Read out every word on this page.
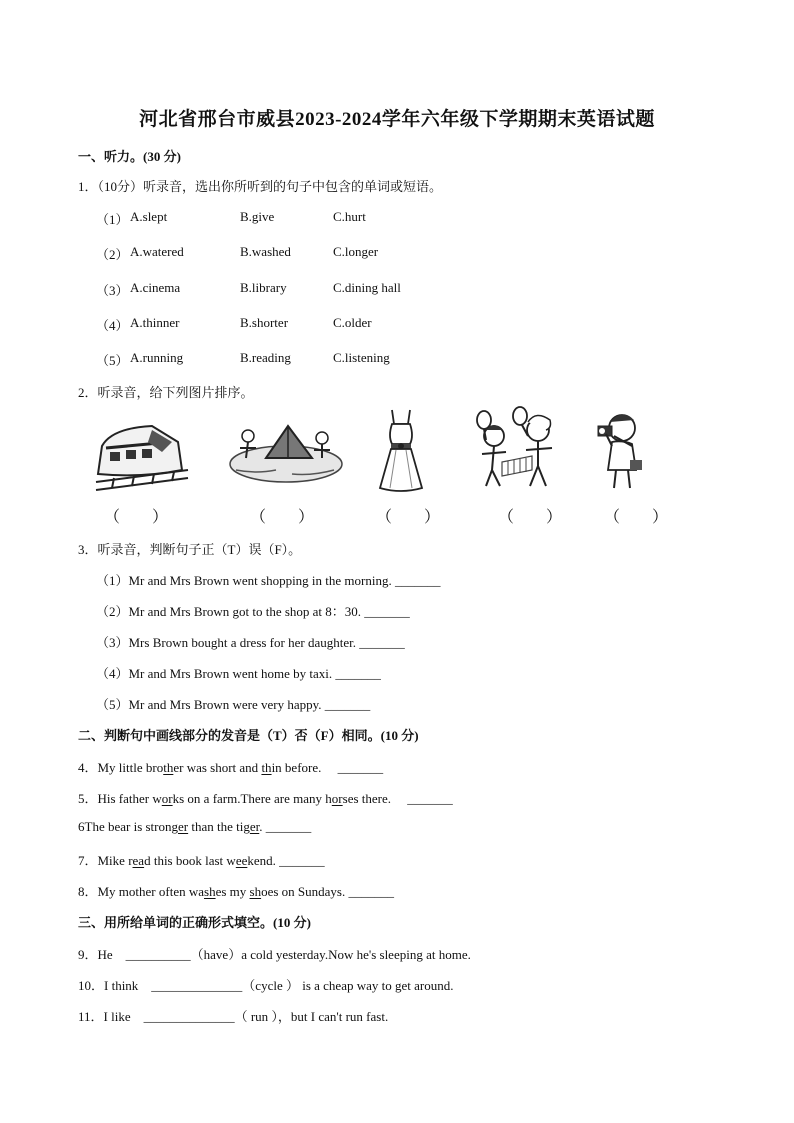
河北省邢台市威县2023-2024学年六年级下学期期末英语试题
一、听力。(30 分)
1．（10分）听录音，选出你所听到的句子中包含的单词或短语。
（1） A.slept	B.give	C.hurt
（2） A.watered	B.washed	C.longer
（3） A.cinema	B.library	C.dining hall
（4） A.thinner	B.shorter	C.older
（5） A.running	B.reading	C.listening
2．听录音，给下列图片排序。
（　　）	（　　）	（　　）	（　　）	（　　）
3．听录音，判断句子正（T）误（F）。
（1）Mr and Mrs Brown went shopping in the morning. _______
（2）Mr and Mrs Brown got to the shop at 8：30. _______
（3）Mrs Brown bought a dress for her daughter. _______
（4）Mr and Mrs Brown went home by taxi. _______
（5）Mr and Mrs Brown were very happy. _______
二、判断句中画线部分的发音是（T）否（F）相同。(10 分)
4．My little brother was short and thin before.　 _______
5．His father works on a farm.There are many horses there.　 _______
6The bear is stronger than the tiger. _______
7．Mike read this book last weekend. _______
8．My mother often washes my shoes on Sundays. _______
三、用所给单词的正确形式填空。(10 分)
9．He　__________（have）a cold yesterday.Now he's sleeping at home.
10．I think　______________（cycle ） is a cheap way to get around.
11．I like　______________（ run ），but I can't run fast.
